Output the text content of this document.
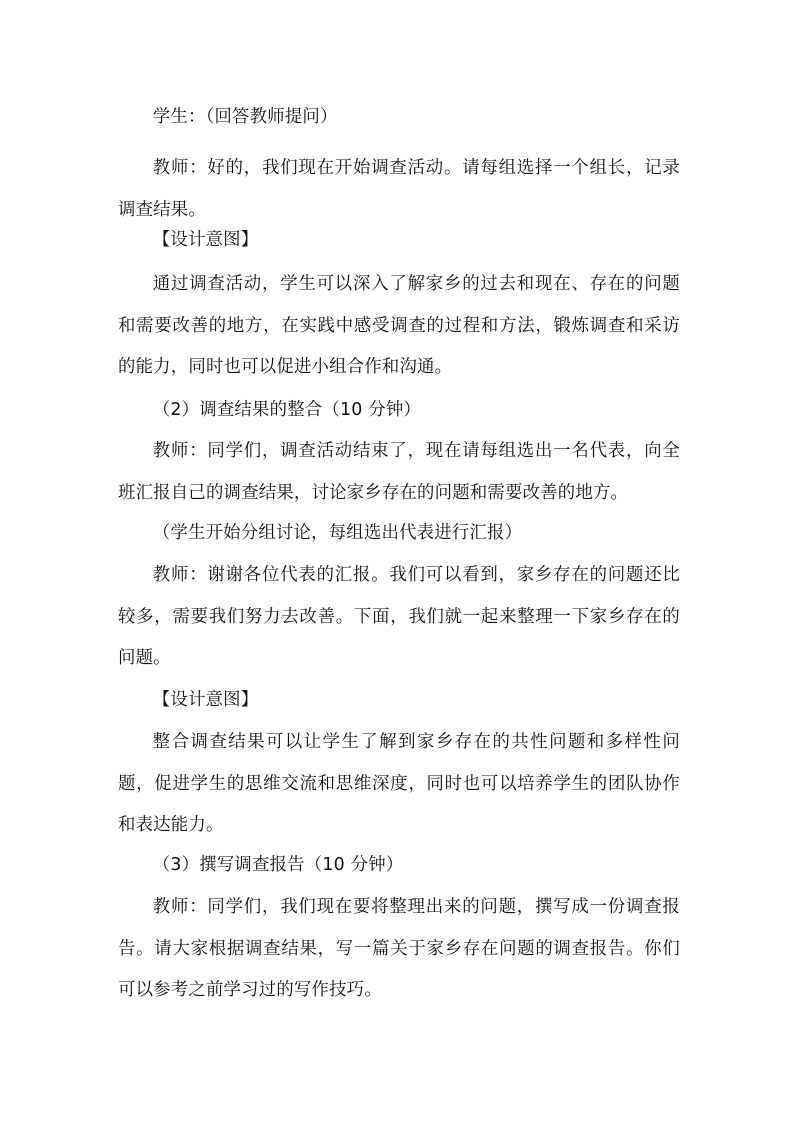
学生：（回答教师提问）

教师：好的，我们现在开始调查活动。请每组选择一个组长，记录调查结果。

【设计意图】

通过调查活动，学生可以深入了解家乡的过去和现在、存在的问题和需要改善的地方，在实践中感受调查的过程和方法，锻炼调查和采访的能力，同时也可以促进小组合作和沟通。

（2）调查结果的整合（10 分钟）

教师：同学们，调查活动结束了，现在请每组选出一名代表，向全班汇报自己的调查结果，讨论家乡存在的问题和需要改善的地方。

（学生开始分组讨论，每组选出代表进行汇报）

教师：谢谢各位代表的汇报。我们可以看到，家乡存在的问题还比较多，需要我们努力去改善。下面，我们就一起来整理一下家乡存在的问题。

【设计意图】

整合调查结果可以让学生了解到家乡存在的共性问题和多样性问题，促进学生的思维交流和思维深度，同时也可以培养学生的团队协作和表达能力。

（3）撰写调查报告（10 分钟）

教师：同学们，我们现在要将整理出来的问题，撰写成一份调查报告。请大家根据调查结果，写一篇关于家乡存在问题的调查报告。你们可以参考之前学习过的写作技巧。
